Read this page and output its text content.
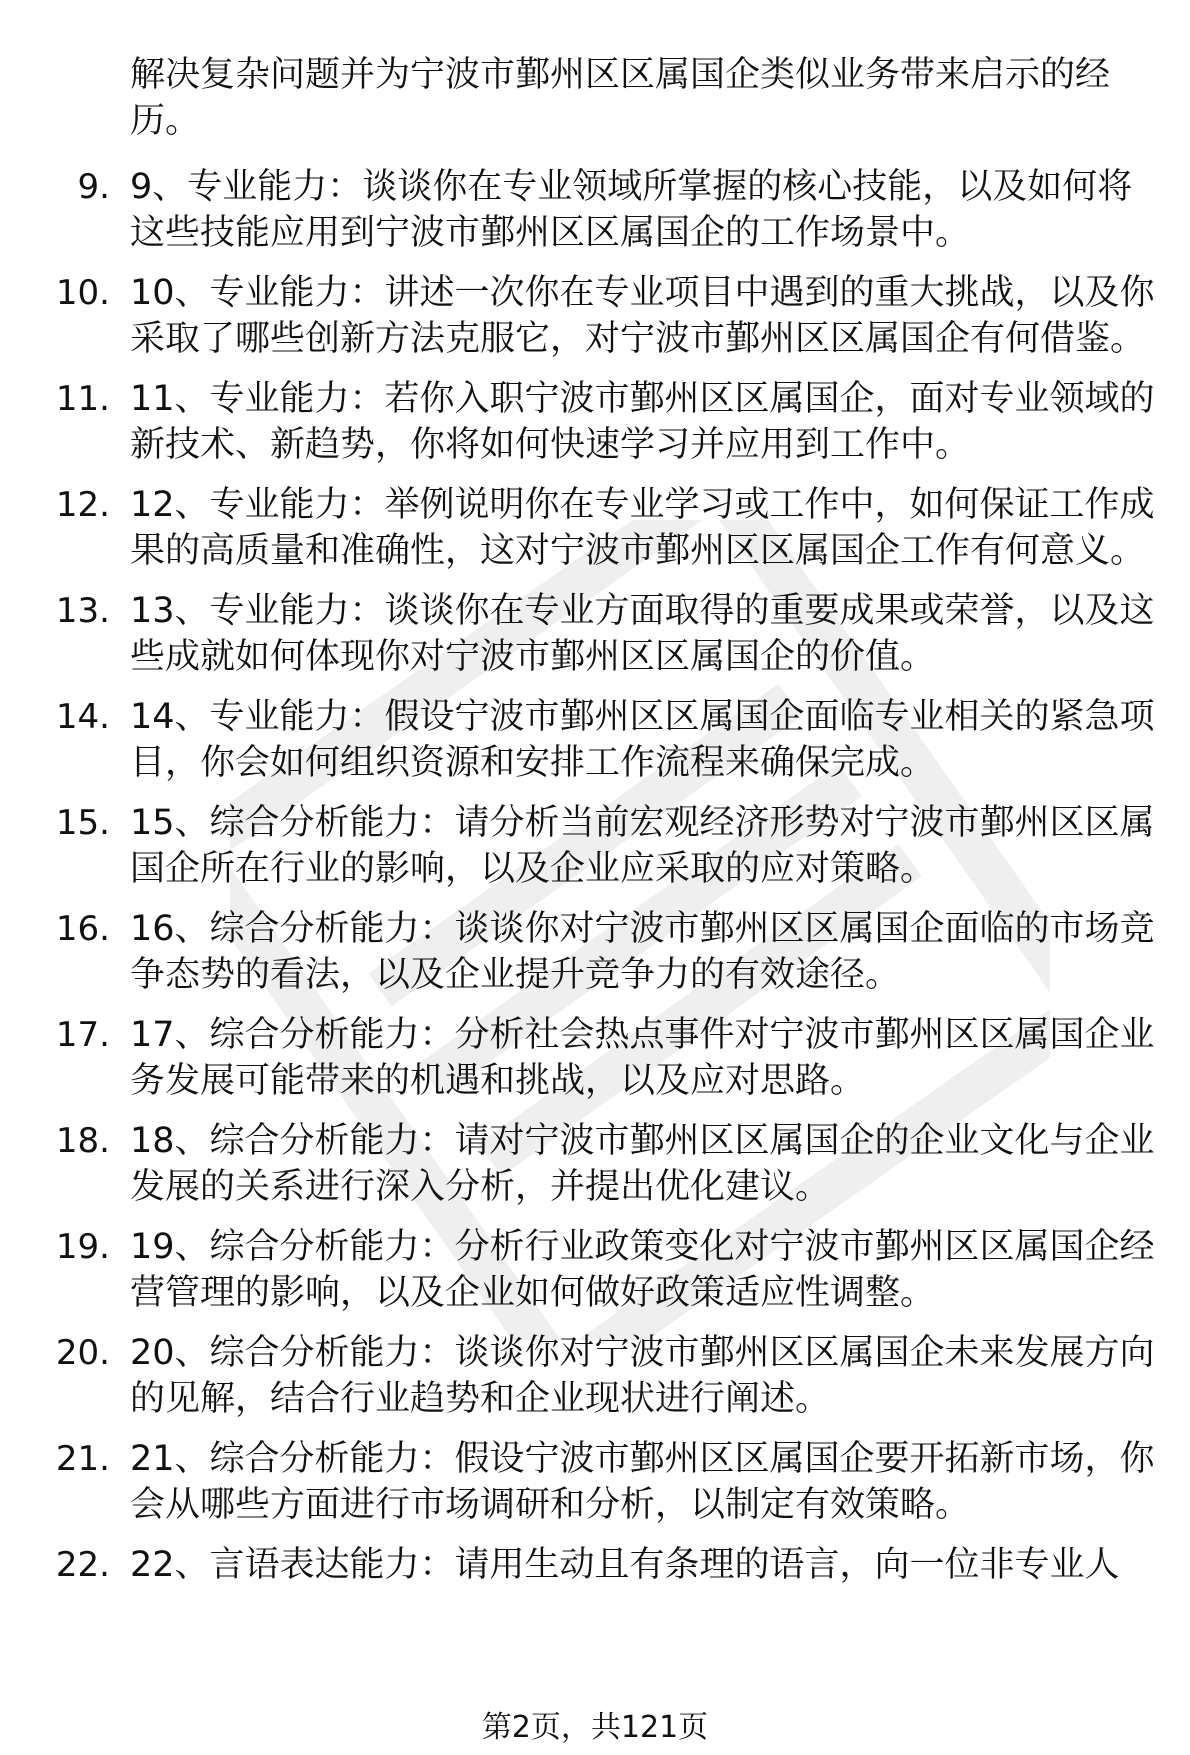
解决复杂问题并为宁波市鄞州区区属国企类似业务带来启示的经历。

9. 9、专业能力：谈谈你在专业领域所掌握的核心技能，以及如何将这些技能应用到宁波市鄞州区区属国企的工作场景中。
10. 10、专业能力：讲述一次你在专业项目中遇到的重大挑战，以及你采取了哪些创新方法克服它，对宁波市鄞州区区属国企有何借鉴。
11. 11、专业能力：若你入职宁波市鄞州区区属国企，面对专业领域的新技术、新趋势，你将如何快速学习并应用到工作中。
12. 12、专业能力：举例说明你在专业学习或工作中，如何保证工作成果的高质量和准确性，这对宁波市鄞州区区属国企工作有何意义。
13. 13、专业能力：谈谈你在专业方面取得的重要成果或荣誉，以及这些成就如何体现你对宁波市鄞州区区属国企的价值。
14. 14、专业能力：假设宁波市鄞州区区属国企面临专业相关的紧急项目，你会如何组织资源和安排工作流程来确保完成。
15. 15、综合分析能力：请分析当前宏观经济形势对宁波市鄞州区区属国企所在行业的影响，以及企业应采取的应对策略。
16. 16、综合分析能力：谈谈你对宁波市鄞州区区属国企面临的市场竞争态势的看法，以及企业提升竞争力的有效途径。
17. 17、综合分析能力：分析社会热点事件对宁波市鄞州区区属国企业务发展可能带来的机遇和挑战，以及应对思路。
18. 18、综合分析能力：请对宁波市鄞州区区属国企的企业文化与企业发展的关系进行深入分析，并提出优化建议。
19. 19、综合分析能力：分析行业政策变化对宁波市鄞州区区属国企经营管理的影响，以及企业如何做好政策适应性调整。
20. 20、综合分析能力：谈谈你对宁波市鄞州区区属国企未来发展方向的见解，结合行业趋势和企业现状进行阐述。
21. 21、综合分析能力：假设宁波市鄞州区区属国企要开拓新市场，你会从哪些方面进行市场调研和分析，以制定有效策略。
22. 22、言语表达能力：请用生动且有条理的语言，向一位非专业人
第2页，共121页
